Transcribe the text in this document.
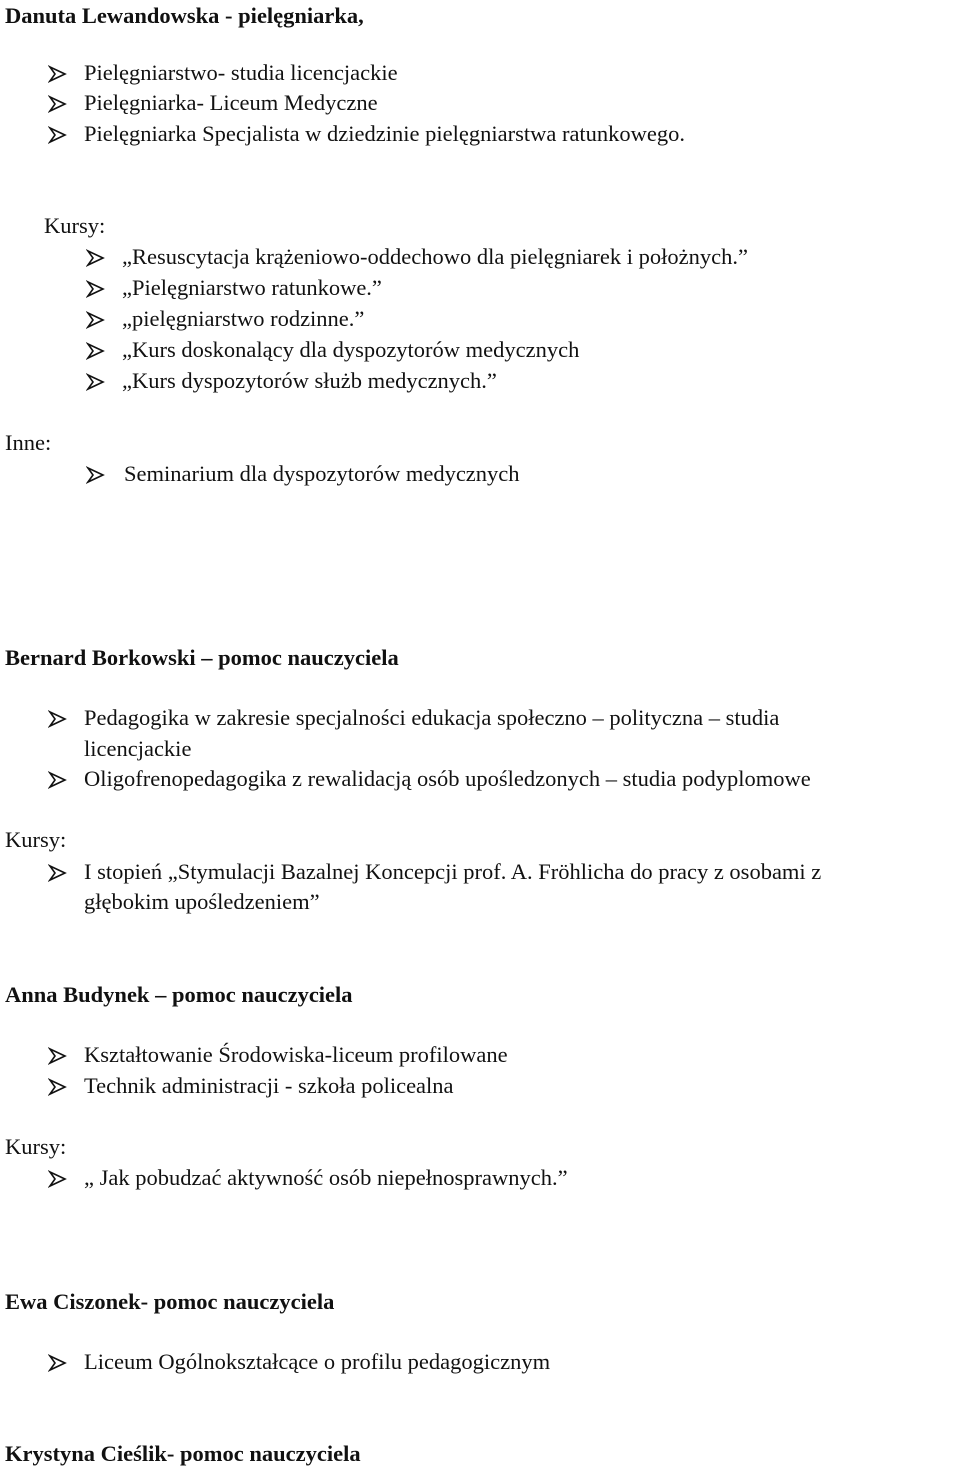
Danuta Lewandowska - pielęgniarka,
Pielęgniarstwo- studia licencjackie
Pielęgniarka- Liceum Medyczne
Pielęgniarka Specjalista w dziedzinie pielęgniarstwa ratunkowego.
Kursy:
„Resuscytacja krążeniowo-oddechowo dla pielęgniarek i położnych.”
„Pielęgniarstwo ratunkowe.”
„pielęgniarstwo rodzinne.”
„Kurs doskonalący dla dyspozytorów medycznych
„Kurs dyspozytorów służb medycznych.”
Inne:
Seminarium dla dyspozytorów medycznych
Bernard Borkowski – pomoc nauczyciela
Pedagogika w zakresie specjalności edukacja społeczno – polityczna – studia
licencjackie
Oligofrenopedagogika z rewalidacją osób upośledzonych – studia podyplomowe
Kursy:
I stopień „Stymulacji Bazalnej Koncepcji prof. A. Fröhlicha do pracy z osobami z
głębokim upośledzeniem”
Anna Budynek – pomoc nauczyciela
Kształtowanie Środowiska-liceum profilowane
Technik administracji - szkoła policealna
Kursy:
„ Jak pobudzać aktywność osób niepełnosprawnych.”
Ewa Ciszonek- pomoc nauczyciela
Liceum Ogólnokształcące o profilu pedagogicznym
Krystyna Cieślik- pomoc nauczyciela
